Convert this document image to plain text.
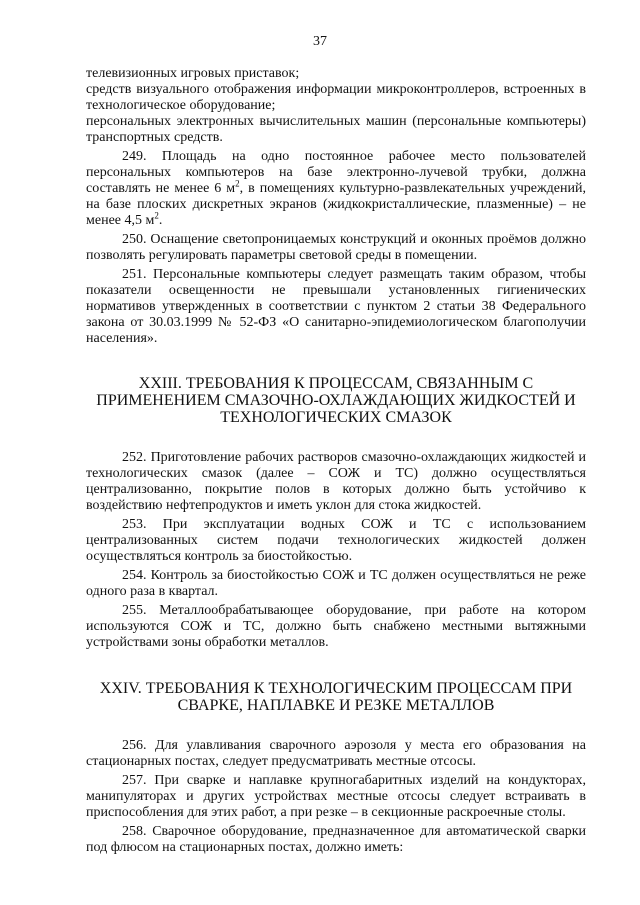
37

телевизионных игровых приставок;

средств визуального отображения информации микроконтроллеров, встроенных в технологическое оборудование;

персональных электронных вычислительных машин (персональные компьютеры) транспортных средств.

249. Площадь на одно постоянное рабочее место пользователей персональных компьютеров на базе электронно-лучевой трубки, должна составлять не менее 6 $м^2$, в помещениях культурно-развлекательных учреждений, на базе плоских дискретных экранов (жидкокристаллические, плазменные) – не менее 4,5 $м^2$.

250. Оснащение светопроницаемых конструкций и оконных проёмов должно позволять регулировать параметры световой среды в помещении.

251. Персональные компьютеры следует размещать таким образом, чтобы показатели освещенности не превышали установленных гигиенических нормативов утвержденных в соответствии с пунктом 2 статьи 38 Федерального закона от 30.03.1999 № 52-ФЗ «О санитарно-эпидемиологическом благополучии населения».

XXIII. ТРЕБОВАНИЯ К ПРОЦЕССАМ, СВЯЗАННЫМ С ПРИМЕНЕНИЕМ СМАЗОЧНО-ОХЛАЖДАЮЩИХ ЖИДКОСТЕЙ И ТЕХНОЛОГИЧЕСКИХ СМАЗОК

252. Приготовление рабочих растворов смазочно-охлаждающих жидкостей и технологических смазок (далее – СОЖ и ТС) должно осуществляться централизованно, покрытие полов в которых должно быть устойчиво к воздействию нефтепродуктов и иметь уклон для стока жидкостей.

253. При эксплуатации водных СОЖ и ТС с использованием централизованных систем подачи технологических жидкостей должен осуществляться контроль за биостойкостью.

254. Контроль за биостойкостью СОЖ и ТС должен осуществляться не реже одного раза в квартал.

255. Металлообрабатывающее оборудование, при работе на котором используются СОЖ и ТС, должно быть снабжено местными вытяжными устройствами зоны обработки металлов.

XXIV. ТРЕБОВАНИЯ К ТЕХНОЛОГИЧЕСКИМ ПРОЦЕССАМ ПРИ СВАРКЕ, НАПЛАВКЕ И РЕЗКЕ МЕТАЛЛОВ

256. Для улавливания сварочного аэрозоля у места его образования на стационарных постах, следует предусматривать местные отсосы.

257. При сварке и наплавке крупногабаритных изделий на кондукторах, манипуляторах и других устройствах местные отсосы следует встраивать в приспособления для этих работ, а при резке – в секционные раскроечные столы.

258. Сварочное оборудование, предназначенное для автоматической сварки под флюсом на стационарных постах, должно иметь:
